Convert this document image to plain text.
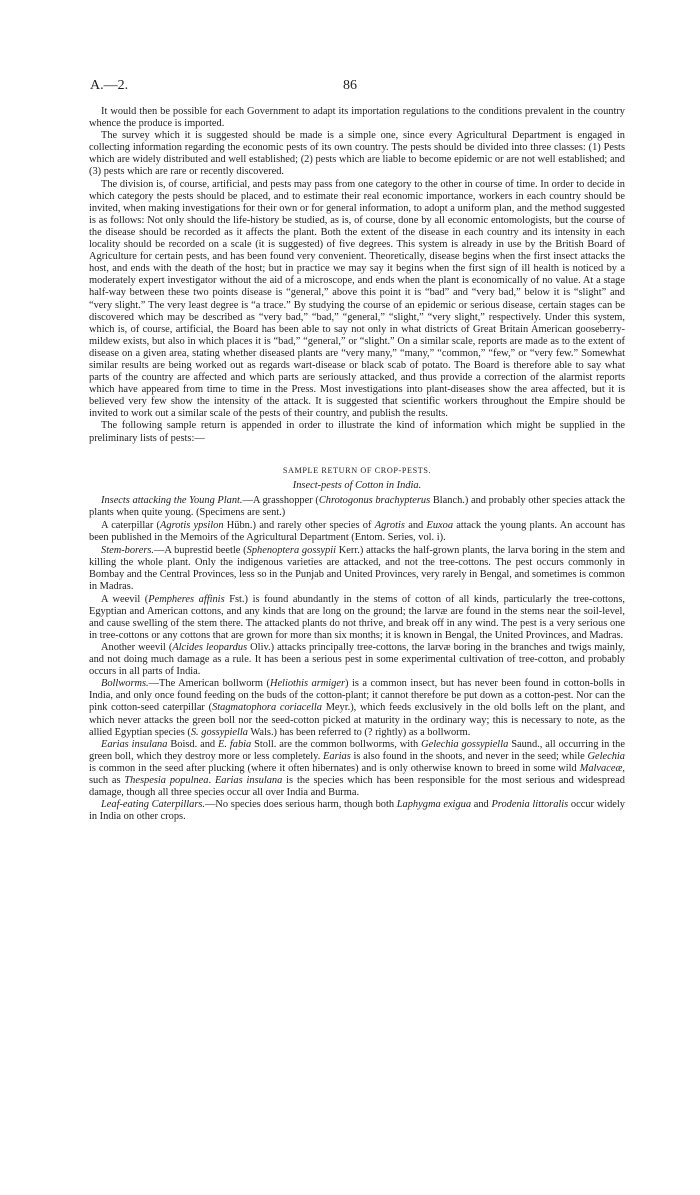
A.—2.	86

It would then be possible for each Government to adapt its importation regulations to the conditions prevalent in the country whence the produce is imported.

The survey which it is suggested should be made is a simple one, since every Agricultural Department is engaged in collecting information regarding the economic pests of its own country. The pests should be divided into three classes: (1) Pests which are widely distributed and well established; (2) pests which are liable to become epidemic or are not well established; and (3) pests which are rare or recently discovered.

The division is, of course, artificial, and pests may pass from one category to the other in course of time. In order to decide in which category the pests should be placed, and to estimate their real economic importance, workers in each country should be invited, when making investigations for their own or for general information, to adopt a uniform plan, and the method suggested is as follows: Not only should the life-history be studied, as is, of course, done by all economic entomologists, but the course of the disease should be recorded as it affects the plant. Both the extent of the disease in each country and its intensity in each locality should be recorded on a scale (it is suggested) of five degrees. This system is already in use by the British Board of Agriculture for certain pests, and has been found very convenient. Theoretically, disease begins when the first insect attacks the host, and ends with the death of the host; but in practice we may say it begins when the first sign of ill health is noticed by a moderately expert investigator without the aid of a microscope, and ends when the plant is economically of no value. At a stage half-way between these two points disease is “general,” above this point it is “bad” and “very bad,” below it is “slight” and “very slight.” The very least degree is “a trace.” By studying the course of an epidemic or serious disease, certain stages can be discovered which may be described as “very bad,” “bad,” “general,” “slight,” “very slight,” respectively. Under this system, which is, of course, artificial, the Board has been able to say not only in what districts of Great Britain American gooseberry-mildew exists, but also in which places it is “bad,” “general,” or “slight.” On a similar scale, reports are made as to the extent of disease on a given area, stating whether diseased plants are “very many,” “many,” “common,” “few,” or “very few.” Somewhat similar results are being worked out as regards wart-disease or black scab of potato. The Board is therefore able to say what parts of the country are affected and which parts are seriously attacked, and thus provide a correction of the alarmist reports which have appeared from time to time in the Press. Most investigations into plant-diseases show the area affected, but it is believed very few show the intensity of the attack. It is suggested that scientific workers throughout the Empire should be invited to work out a similar scale of the pests of their country, and publish the results.

The following sample return is appended in order to illustrate the kind of information which might be supplied in the preliminary lists of pests:—

SAMPLE RETURN OF CROP-PESTS.

Insect-pests of Cotton in India.

Insects attacking the Young Plant.—A grasshopper (Chrotogonus brachypterus Blanch.) and probably other species attack the plants when quite young. (Specimens are sent.)

A caterpillar (Agrotis ypsilon Hübn.) and rarely other species of Agrotis and Euxoa attack the young plants. An account has been published in the Memoirs of the Agricultural Department (Entom. Series, vol. i).

Stem-borers.—A buprestid beetle (Sphenoptera gossypii Kerr.) attacks the half-grown plants, the larva boring in the stem and killing the whole plant. Only the indigenous varieties are attacked, and not the tree-cottons. The pest occurs commonly in Bombay and the Central Provinces, less so in the Punjab and United Provinces, very rarely in Bengal, and sometimes is common in Madras.

A weevil (Pempheres affinis Fst.) is found abundantly in the stems of cotton of all kinds, particularly the tree-cottons, Egyptian and American cottons, and any kinds that are long on the ground; the larvæ are found in the stems near the soil-level, and cause swelling of the stem there. The attacked plants do not thrive, and break off in any wind. The pest is a very serious one in tree-cottons or any cottons that are grown for more than six months; it is known in Bengal, the United Provinces, and Madras.

Another weevil (Alcides leopardus Oliv.) attacks principally tree-cottons, the larvæ boring in the branches and twigs mainly, and not doing much damage as a rule. It has been a serious pest in some experimental cultivation of tree-cotton, and probably occurs in all parts of India.

Bollworms.—The American bollworm (Heliothis armiger) is a common insect, but has never been found in cotton-bolls in India, and only once found feeding on the buds of the cotton-plant; it cannot therefore be put down as a cotton-pest. Nor can the pink cotton-seed caterpillar (Stagmatophora coriacella Meyr.), which feeds exclusively in the old bolls left on the plant, and which never attacks the green boll nor the seed-cotton picked at maturity in the ordinary way; this is necessary to note, as the allied Egyptian species (S. gossypiella Wals.) has been referred to (? rightly) as a bollworm.

Earias insulana Boisd. and E. fabia Stoll. are the common bollworms, with Gelechia gossypiella Saund., all occurring in the green boll, which they destroy more or less completely. Earias is also found in the shoots, and never in the seed; while Gelechia is common in the seed after plucking (where it often hibernates) and is only otherwise known to breed in some wild Malvaceæ, such as Thespesia populnea. Earias insulana is the species which has been responsible for the most serious and widespread damage, though all three species occur all over India and Burma.

Leaf-eating Caterpillars.—No species does serious harm, though both Laphygma exigua and Prodenia littoralis occur widely in India on other crops.
